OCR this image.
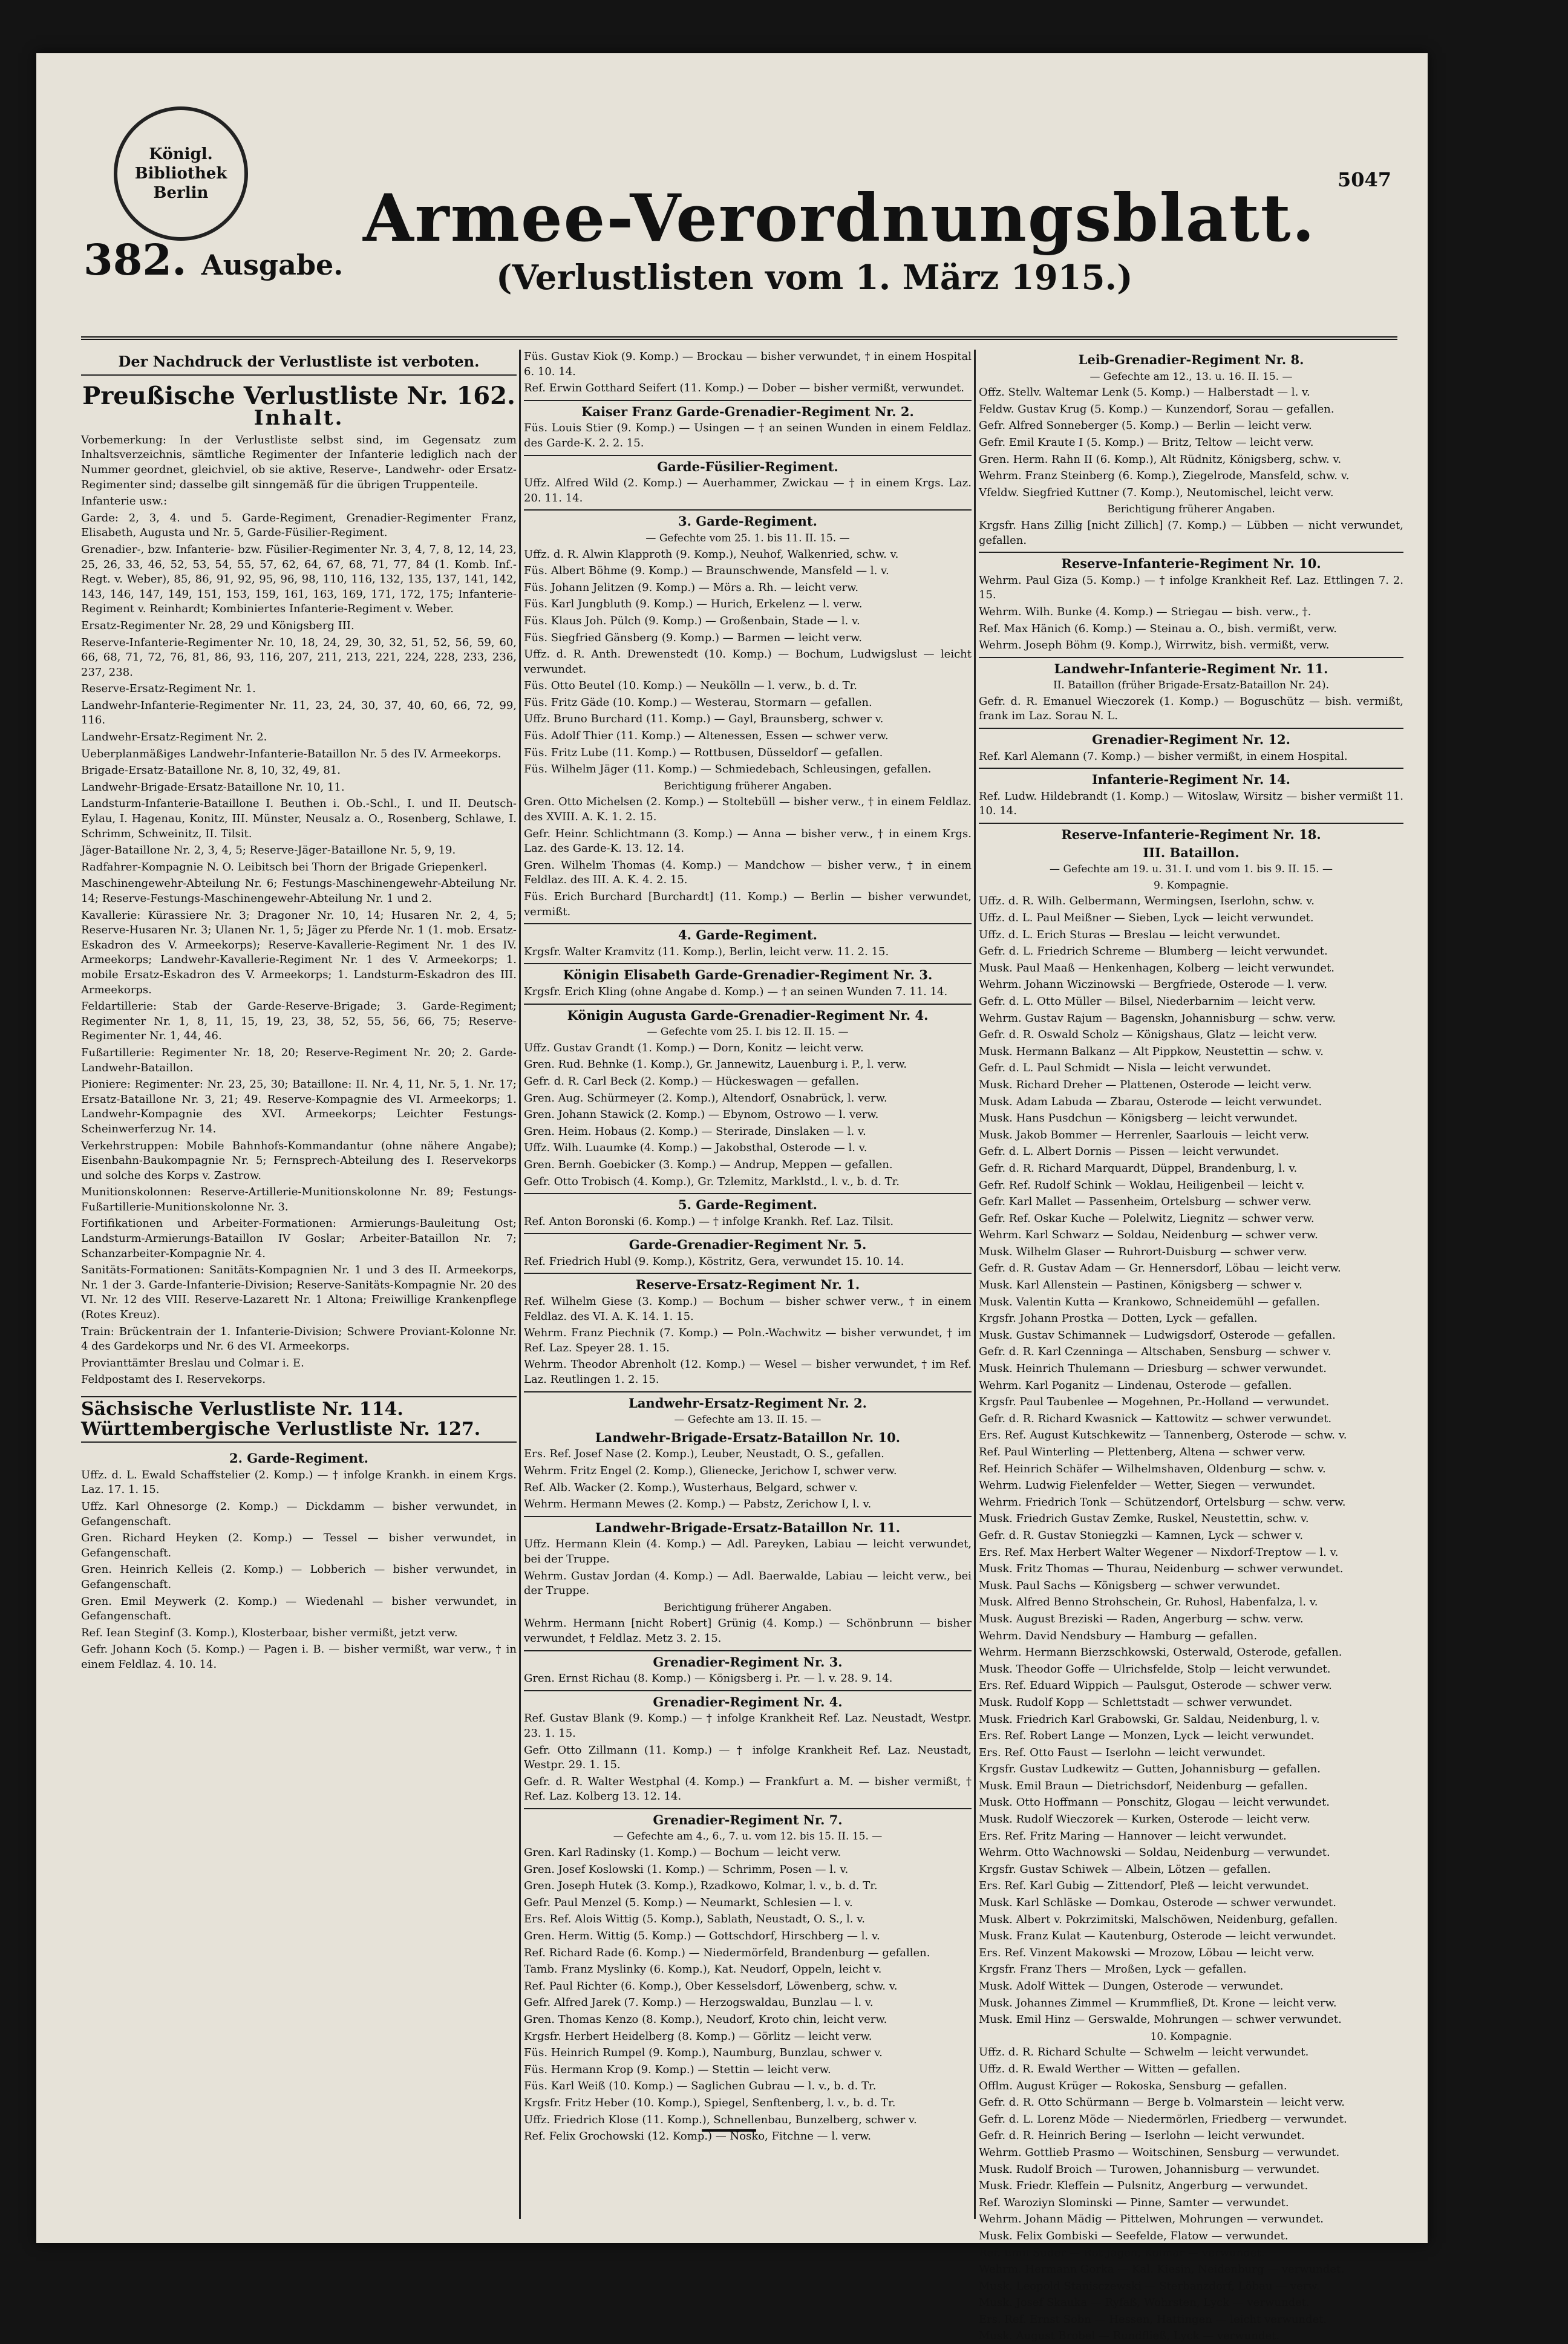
Königl.
Bibliothek
Berlin
5047
382. Ausgabe.
Armee-Verordnungsblatt.
(Verlustlisten vom 1. März 1915.)
Der Nachdruck der Verlustliste ist verboten.
Preußische Verlustliste Nr. 162.
Inhalt.

Vorbemerkung: In der Verlustliste selbst sind, im Gegensatz zum Inhaltsverzeichnis, sämtliche Regimenter der Infanterie lediglich nach der Nummer geordnet, gleichviel, ob sie aktive, Reserve-, Landwehr- oder Ersatz-Regimenter sind; dasselbe gilt sinngemäß für die übrigen Truppenteile.

Infanterie usw.:

Garde: 2, 3, 4. und 5. Garde-Regiment, Grenadier-Regimenter Franz, Elisabeth, Augusta und Nr. 5, Garde-Füsilier-Regiment.

Grenadier-, bzw. Infanterie- bzw. Füsilier-Regimenter Nr. 3, 4, 7, 8, 12, 14, 23, 25, 26, 33, 46, 52, 53, 54, 55, 57, 62, 64, 67, 68, 71, 77, 84 (1. Komb. Inf.-Regt. v. Weber), 85, 86, 91, 92, 95, 96, 98, 110, 116, 132, 135, 137, 141, 142, 143, 146, 147, 149, 151, 153, 159, 161, 163, 169, 171, 172, 175; Infanterie-Regiment v. Reinhardt; Kombiniertes Infanterie-Regiment v. Weber.

Ersatz-Regimenter Nr. 28, 29 und Königsberg III.

Reserve-Infanterie-Regimenter Nr. 10, 18, 24, 29, 30, 32, 51, 52, 56, 59, 60, 66, 68, 71, 72, 76, 81, 86, 93, 116, 207, 211, 213, 221, 224, 228, 233, 236, 237, 238.

Reserve-Ersatz-Regiment Nr. 1.

Landwehr-Infanterie-Regimenter Nr. 11, 23, 24, 30, 37, 40, 60, 66, 72, 99, 116.

Landwehr-Ersatz-Regiment Nr. 2.

Ueberplanmäßiges Landwehr-Infanterie-Bataillon Nr. 5 des IV. Armeekorps.

Brigade-Ersatz-Bataillone Nr. 8, 10, 32, 49, 81.

Landwehr-Brigade-Ersatz-Bataillone Nr. 10, 11.

Landsturm-Infanterie-Bataillone I. Beuthen i. Ob.-Schl., I. und II. Deutsch-Eylau, I. Hagenau, Konitz, III. Münster, Neusalz a. O., Rosenberg, Schlawe, I. Schrimm, Schweinitz, II. Tilsit.

Jäger-Bataillone Nr. 2, 3, 4, 5; Reserve-Jäger-Bataillone Nr. 5, 9, 19.

Radfahrer-Kompagnie N. O. Leibitsch bei Thorn der Brigade Griepenkerl.

Maschinengewehr-Abteilung Nr. 6; Festungs-Maschinengewehr-Abteilung Nr. 14; Reserve-Festungs-Maschinengewehr-Abteilung Nr. 1 und 2.

Kavallerie: Kürassiere Nr. 3; Dragoner Nr. 10, 14; Husaren Nr. 2, 4, 5; Reserve-Husaren Nr. 3; Ulanen Nr. 1, 5; Jäger zu Pferde Nr. 1 (1. mob. Ersatz-Eskadron des V. Armeekorps); Reserve-Kavallerie-Regiment Nr. 1 des IV. Armeekorps; Landwehr-Kavallerie-Regiment Nr. 1 des V. Armeekorps; 1. mobile Ersatz-Eskadron des V. Armeekorps; 1. Landsturm-Eskadron des III. Armeekorps.

Feldartillerie: Stab der Garde-Reserve-Brigade; 3. Garde-Regiment; Regimenter Nr. 1, 8, 11, 15, 19, 23, 38, 52, 55, 56, 66, 75; Reserve-Regimenter Nr. 1, 44, 46.

Fußartillerie: Regimenter Nr. 18, 20; Reserve-Regiment Nr. 20; 2. Garde-Landwehr-Bataillon.

Pioniere: Regimenter: Nr. 23, 25, 30; Bataillone: II. Nr. 4, 11, Nr. 5, 1. Nr. 17; Ersatz-Bataillone Nr. 3, 21; 49. Reserve-Kompagnie des VI. Armeekorps; 1. Landwehr-Kompagnie des XVI. Armeekorps; Leichter Festungs-Scheinwerferzug Nr. 14.

Verkehrstruppen: Mobile Bahnhofs-Kommandantur (ohne nähere Angabe); Eisenbahn-Baukompagnie Nr. 5; Fernsprech-Abteilung des I. Reservekorps und solche des Korps v. Zastrow.

Munitionskolonnen: Reserve-Artillerie-Munitionskolonne Nr. 89; Festungs-Fußartillerie-Munitionskolonne Nr. 3.

Fortifikationen und Arbeiter-Formationen: Armierungs-Bauleitung Ost; Landsturm-Armierungs-Bataillon IV Goslar; Arbeiter-Bataillon Nr. 7; Schanzarbeiter-Kompagnie Nr. 4.

Sanitäts-Formationen: Sanitäts-Kompagnien Nr. 1 und 3 des II. Armeekorps, Nr. 1 der 3. Garde-Infanterie-Division; Reserve-Sanitäts-Kompagnie Nr. 20 des VI. Nr. 12 des VIII. Reserve-Lazarett Nr. 1 Altona; Freiwillige Krankenpflege (Rotes Kreuz).

Train: Brückentrain der 1. Infanterie-Division; Schwere Proviant-Kolonne Nr. 4 des Gardekorps und Nr. 6 des VI. Armeekorps.

Provianttämter Breslau und Colmar i. E.

Feldpostamt des I. Reservekorps.

Sächsische Verlustliste Nr. 114.
Württembergische Verlustliste Nr. 127.
2. Garde-Regiment.

Uffz. d. L. Ewald Schaffstelier (2. Komp.) — † infolge Krankh. in einem Krgs. Laz. 17. 1. 15.

Uffz. Karl Ohnesorge (2. Komp.) — Dickdamm — bisher verwundet, in Gefangenschaft.

Gren. Richard Heyken (2. Komp.) — Tessel — bisher verwundet, in Gefangenschaft.

Gren. Heinrich Kelleis (2. Komp.) — Lobberich — bisher verwundet, in Gefangenschaft.

Gren. Emil Meywerk (2. Komp.) — Wiedenahl — bisher verwundet, in Gefangenschaft.

Ref. Iean Steginf (3. Komp.), Klosterbaar, bisher vermißt, jetzt verw.

Gefr. Johann Koch (5. Komp.) — Pagen i. B. — bisher vermißt, war verw., † in einem Feldlaz. 4. 10. 14.

Füs. Gustav Kiok (9. Komp.) — Brockau — bisher verwundet, † in einem Hospital 6. 10. 14.

Ref. Erwin Gotthard Seifert (11. Komp.) — Dober — bisher vermißt, verwundet.

Kaiser Franz Garde-Grenadier-Regiment Nr. 2.

Füs. Louis Stier (9. Komp.) — Usingen — † an seinen Wunden in einem Feldlaz. des Garde-K. 2. 2. 15.

Garde-Füsilier-Regiment.

Uffz. Alfred Wild (2. Komp.) — Auerhammer, Zwickau — † in einem Krgs. Laz. 20. 11. 14.

3. Garde-Regiment.
— Gefechte vom 25. 1. bis 11. II. 15. —

Uffz. d. R. Alwin Klapproth (9. Komp.), Neuhof, Walkenried, schw. v.

Füs. Albert Böhme (9. Komp.) — Braunschwende, Mansfeld — l. v.

Füs. Johann Jelitzen (9. Komp.) — Mörs a. Rh. — leicht verw.

Füs. Karl Jungbluth (9. Komp.) — Hurich, Erkelenz — l. verw.

Füs. Klaus Joh. Pülch (9. Komp.) — Großenbain, Stade — l. v.

Füs. Siegfried Gänsberg (9. Komp.) — Barmen — leicht verw.

Uffz. d. R. Anth. Drewenstedt (10. Komp.) — Bochum, Ludwigslust — leicht verwundet.

Füs. Otto Beutel (10. Komp.) — Neukölln — l. verw., b. d. Tr.

Füs. Fritz Gäde (10. Komp.) — Westerau, Stormarn — gefallen.

Uffz. Bruno Burchard (11. Komp.) — Gayl, Braunsberg, schwer v.

Füs. Adolf Thier (11. Komp.) — Altenessen, Essen — schwer verw.

Füs. Fritz Lube (11. Komp.) — Rottbusen, Düsseldorf — gefallen.

Füs. Wilhelm Jäger (11. Komp.) — Schmiedebach, Schleusingen, gefallen.

Berichtigung früherer Angaben.

Gren. Otto Michelsen (2. Komp.) — Stoltebüll — bisher verw., † in einem Feldlaz. des XVIII. A. K. 1. 2. 15.

Gefr. Heinr. Schlichtmann (3. Komp.) — Anna — bisher verw., † in einem Krgs. Laz. des Garde-K. 13. 12. 14.

Gren. Wilhelm Thomas (4. Komp.) — Mandchow — bisher verw., † in einem Feldlaz. des III. A. K. 4. 2. 15.

Füs. Erich Burchard [Burchardt] (11. Komp.) — Berlin — bisher verwundet, vermißt.

4. Garde-Regiment.

Krgsfr. Walter Kramvitz (11. Komp.), Berlin, leicht verw. 11. 2. 15.

Königin Elisabeth Garde-Grenadier-Regiment Nr. 3.

Krgsfr. Erich Kling (ohne Angabe d. Komp.) — † an seinen Wunden 7. 11. 14.

Königin Augusta Garde-Grenadier-Regiment Nr. 4.
— Gefechte vom 25. I. bis 12. II. 15. —

Uffz. Gustav Grandt (1. Komp.) — Dorn, Konitz — leicht verw.

Gren. Rud. Behnke (1. Komp.), Gr. Jannewitz, Lauenburg i. P., l. verw.

Gefr. d. R. Carl Beck (2. Komp.) — Hückeswagen — gefallen.

Gren. Aug. Schürmeyer (2. Komp.), Altendorf, Osnabrück, l. verw.

Gren. Johann Stawick (2. Komp.) — Ebynom, Ostrowo — l. verw.

Gren. Heim. Hobaus (2. Komp.) — Sterirade, Dinslaken — l. v.

Uffz. Wilh. Luaumke (4. Komp.) — Jakobsthal, Osterode — l. v.

Gren. Bernh. Goebicker (3. Komp.) — Andrup, Meppen — gefallen.

Gefr. Otto Trobisch (4. Komp.), Gr. Tzlemitz, Marklstd., l. v., b. d. Tr.

5. Garde-Regiment.

Ref. Anton Boronski (6. Komp.) — † infolge Krankh. Ref. Laz. Tilsit.

Garde-Grenadier-Regiment Nr. 5.

Ref. Friedrich Hubl (9. Komp.), Köstritz, Gera, verwundet 15. 10. 14.

Reserve-Ersatz-Regiment Nr. 1.

Ref. Wilhelm Giese (3. Komp.) — Bochum — bisher schwer verw., † in einem Feldlaz. des VI. A. K. 14. 1. 15.

Wehrm. Franz Piechnik (7. Komp.) — Poln.-Wachwitz — bisher verwundet, † im Ref. Laz. Speyer 28. 1. 15.

Wehrm. Theodor Abrenholt (12. Komp.) — Wesel — bisher verwundet, † im Ref. Laz. Reutlingen 1. 2. 15.

Landwehr-Ersatz-Regiment Nr. 2.
— Gefechte am 13. II. 15. —
Landwehr-Brigade-Ersatz-Bataillon Nr. 10.

Ers. Ref. Josef Nase (2. Komp.), Leuber, Neustadt, O. S., gefallen.

Wehrm. Fritz Engel (2. Komp.), Glienecke, Jerichow I, schwer verw.

Ref. Alb. Wacker (2. Komp.), Wusterhaus, Belgard, schwer v.

Wehrm. Hermann Mewes (2. Komp.) — Pabstz, Zerichow I, l. v.

Landwehr-Brigade-Ersatz-Bataillon Nr. 11.

Uffz. Hermann Klein (4. Komp.) — Adl. Pareyken, Labiau — leicht verwundet, bei der Truppe.

Wehrm. Gustav Jordan (4. Komp.) — Adl. Baerwalde, Labiau — leicht verw., bei der Truppe.

Berichtigung früherer Angaben.

Wehrm. Hermann [nicht Robert] Grünig (4. Komp.) — Schönbrunn — bisher verwundet, † Feldlaz. Metz 3. 2. 15.

Grenadier-Regiment Nr. 3.

Gren. Ernst Richau (8. Komp.) — Königsberg i. Pr. — l. v. 28. 9. 14.

Grenadier-Regiment Nr. 4.

Ref. Gustav Blank (9. Komp.) — † infolge Krankheit Ref. Laz. Neustadt, Westpr. 23. 1. 15.

Gefr. Otto Zillmann (11. Komp.) — † infolge Krankheit Ref. Laz. Neustadt, Westpr. 29. 1. 15.

Gefr. d. R. Walter Westphal (4. Komp.) — Frankfurt a. M. — bisher vermißt, † Ref. Laz. Kolberg 13. 12. 14.

Grenadier-Regiment Nr. 7.
— Gefechte am 4., 6., 7. u. vom 12. bis 15. II. 15. —

Gren. Karl Radinsky (1. Komp.) — Bochum — leicht verw.

Gren. Josef Koslowski (1. Komp.) — Schrimm, Posen — l. v.

Gren. Joseph Hutek (3. Komp.), Rzadkowo, Kolmar, l. v., b. d. Tr.

Gefr. Paul Menzel (5. Komp.) — Neumarkt, Schlesien — l. v.

Ers. Ref. Alois Wittig (5. Komp.), Sablath, Neustadt, O. S., l. v.

Gren. Herm. Wittig (5. Komp.) — Gottschdorf, Hirschberg — l. v.

Ref. Richard Rade (6. Komp.) — Niedermörfeld, Brandenburg — gefallen.

Tamb. Franz Myslinky (6. Komp.), Kat. Neudorf, Oppeln, leicht v.

Ref. Paul Richter (6. Komp.), Ober Kesselsdorf, Löwenberg, schw. v.

Gefr. Alfred Jarek (7. Komp.) — Herzogswaldau, Bunzlau — l. v.

Gren. Thomas Kenzo (8. Komp.), Neudorf, Kroto chin, leicht verw.

Krgsfr. Herbert Heidelberg (8. Komp.) — Görlitz — leicht verw.

Füs. Heinrich Rumpel (9. Komp.), Naumburg, Bunzlau, schwer v.

Füs. Hermann Krop (9. Komp.) — Stettin — leicht verw.

Füs. Karl Weiß (10. Komp.) — Saglichen Gubrau — l. v., b. d. Tr.

Krgsfr. Fritz Heber (10. Komp.), Spiegel, Senftenberg, l. v., b. d. Tr.

Uffz. Friedrich Klose (11. Komp.), Schnellenbau, Bunzelberg, schwer v.

Ref. Felix Grochowski (12. Komp.) — Nosko, Fitchne — l. verw.

Leib-Grenadier-Regiment Nr. 8.
— Gefechte am 12., 13. u. 16. II. 15. —

Offz. Stellv. Waltemar Lenk (5. Komp.) — Halberstadt — l. v.

Feldw. Gustav Krug (5. Komp.) — Kunzendorf, Sorau — gefallen.

Gefr. Alfred Sonneberger (5. Komp.) — Berlin — leicht verw.

Gefr. Emil Kraute I (5. Komp.) — Britz, Teltow — leicht verw.

Gren. Herm. Rahn II (6. Komp.), Alt Rüdnitz, Königsberg, schw. v.

Wehrm. Franz Steinberg (6. Komp.), Ziegelrode, Mansfeld, schw. v.

Vfeldw. Siegfried Kuttner (7. Komp.), Neutomischel, leicht verw.

Berichtigung früherer Angaben.

Krgsfr. Hans Zillig [nicht Zillich] (7. Komp.) — Lübben — nicht verwundet, gefallen.

Reserve-Infanterie-Regiment Nr. 10.

Wehrm. Paul Giza (5. Komp.) — † infolge Krankheit Ref. Laz. Ettlingen 7. 2. 15.

Wehrm. Wilh. Bunke (4. Komp.) — Striegau — bish. verw., †.

Ref. Max Hänich (6. Komp.) — Steinau a. O., bish. vermißt, verw.

Wehrm. Joseph Böhm (9. Komp.), Wirrwitz, bish. vermißt, verw.

Landwehr-Infanterie-Regiment Nr. 11.
II. Bataillon (früher Brigade-Ersatz-Bataillon Nr. 24).

Gefr. d. R. Emanuel Wieczorek (1. Komp.) — Boguschütz — bish. vermißt, frank im Laz. Sorau N. L.

Grenadier-Regiment Nr. 12.

Ref. Karl Alemann (7. Komp.) — bisher vermißt, in einem Hospital.

Infanterie-Regiment Nr. 14.

Ref. Ludw. Hildebrandt (1. Komp.) — Witoslaw, Wirsitz — bisher vermißt 11. 10. 14.

Reserve-Infanterie-Regiment Nr. 18.
III. Bataillon.
— Gefechte am 19. u. 31. I. und vom 1. bis 9. II. 15. —
9. Kompagnie.

Uffz. d. R. Wilh. Gelbermann, Wermingsen, Iserlohn, schw. v.

Uffz. d. L. Paul Meißner — Sieben, Lyck — leicht verwundet.

Uffz. d. L. Erich Sturas — Breslau — leicht verwundet.

Gefr. d. L. Friedrich Schreme — Blumberg — leicht verwundet.

Musk. Paul Maaß — Henkenhagen, Kolberg — leicht verwundet.

Wehrm. Johann Wiczinowski — Bergfriede, Osterode — l. verw.

Gefr. d. L. Otto Müller — Bilsel, Niederbarnim — leicht verw.

Wehrm. Gustav Rajum — Bagenskn, Johannisburg — schw. verw.

Gefr. d. R. Oswald Scholz — Königshaus, Glatz — leicht verw.

Musk. Hermann Balkanz — Alt Pippkow, Neustettin — schw. v.

Gefr. d. L. Paul Schmidt — Nisla — leicht verwundet.

Musk. Richard Dreher — Plattenen, Osterode — leicht verw.

Musk. Adam Labuda — Zbarau, Osterode — leicht verwundet.

Musk. Hans Pusdchun — Königsberg — leicht verwundet.

Musk. Jakob Bommer — Herrenler, Saarlouis — leicht verw.

Gefr. d. L. Albert Dornis — Pissen — leicht verwundet.

Gefr. d. R. Richard Marquardt, Düppel, Brandenburg, l. v.

Gefr. Ref. Rudolf Schink — Woklau, Heiligenbeil — leicht v.

Gefr. Karl Mallet — Passenheim, Ortelsburg — schwer verw.

Gefr. Ref. Oskar Kuche — Polelwitz, Liegnitz — schwer verw.

Wehrm. Karl Schwarz — Soldau, Neidenburg — schwer verw.

Musk. Wilhelm Glaser — Ruhrort-Duisburg — schwer verw.

Gefr. d. R. Gustav Adam — Gr. Hennersdorf, Löbau — leicht verw.

Musk. Karl Allenstein — Pastinen, Königsberg — schwer v.

Musk. Valentin Kutta — Krankowo, Schneidemühl — gefallen.

Krgsfr. Johann Prostka — Dotten, Lyck — gefallen.

Musk. Gustav Schimannek — Ludwigsdorf, Osterode — gefallen.

Gefr. d. R. Karl Czenninga — Altschaben, Sensburg — schwer v.

Musk. Heinrich Thulemann — Driesburg — schwer verwundet.

Wehrm. Karl Poganitz — Lindenau, Osterode — gefallen.

Krgsfr. Paul Taubenlee — Mogehnen, Pr.-Holland — verwundet.

Gefr. d. R. Richard Kwasnick — Kattowitz — schwer verwundet.

Ers. Ref. August Kutschkewitz — Tannenberg, Osterode — schw. v.

Ref. Paul Winterling — Plettenberg, Altena — schwer verw.

Ref. Heinrich Schäfer — Wilhelmshaven, Oldenburg — schw. v.

Wehrm. Ludwig Fielenfelder — Wetter, Siegen — verwundet.

Wehrm. Friedrich Tonk — Schützendorf, Ortelsburg — schw. verw.

Musk. Friedrich Gustav Zemke, Ruskel, Neustettin, schw. v.

Gefr. d. R. Gustav Stoniegzki — Kamnen, Lyck — schwer v.

Ers. Ref. Max Herbert Walter Wegener — Nixdorf-Treptow — l. v.

Musk. Fritz Thomas — Thurau, Neidenburg — schwer verwundet.

Musk. Paul Sachs — Königsberg — schwer verwundet.

Musk. Alfred Benno Strohschein, Gr. Ruhosl, Habenfalza, l. v.

Musk. August Breziski — Raden, Angerburg — schw. verw.

Wehrm. David Nendsbury — Hamburg — gefallen.

Wehrm. Hermann Bierzschkowski, Osterwald, Osterode, gefallen.

Musk. Theodor Goffe — Ulrichsfelde, Stolp — leicht verwundet.

Ers. Ref. Eduard Wippich — Paulsgut, Osterode — schwer verw.

Musk. Rudolf Kopp — Schlettstadt — schwer verwundet.

Musk. Friedrich Karl Grabowski, Gr. Saldau, Neidenburg, l. v.

Ers. Ref. Robert Lange — Monzen, Lyck — leicht verwundet.

Ers. Ref. Otto Faust — Iserlohn — leicht verwundet.

Krgsfr. Gustav Ludkewitz — Gutten, Johannisburg — gefallen.

Musk. Emil Braun — Dietrichsdorf, Neidenburg — gefallen.

Musk. Otto Hoffmann — Ponschitz, Glogau — leicht verwundet.

Musk. Rudolf Wieczorek — Kurken, Osterode — leicht verw.

Ers. Ref. Fritz Maring — Hannover — leicht verwundet.

Wehrm. Otto Wachnowski — Soldau, Neidenburg — verwundet.

Krgsfr. Gustav Schiwek — Albein, Lötzen — gefallen.

Ers. Ref. Karl Gubig — Zittendorf, Pleß — leicht verwundet.

Musk. Karl Schläske — Domkau, Osterode — schwer verwundet.

Musk. Albert v. Pokrzimitski, Malschöwen, Neidenburg, gefallen.

Musk. Franz Kulat — Kautenburg, Osterode — leicht verwundet.

Ers. Ref. Vinzent Makowski — Mrozow, Löbau — leicht verw.

Krgsfr. Franz Thers — Mroßen, Lyck — gefallen.

Musk. Adolf Wittek — Dungen, Osterode — verwundet.

Musk. Johannes Zimmel — Krummfließ, Dt. Krone — leicht verw.

Musk. Emil Hinz — Gerswalde, Mohrungen — schwer verwundet.

10. Kompagnie.

Uffz. d. R. Richard Schulte — Schwelm — leicht verwundet.

Uffz. d. R. Ewald Werther — Witten — gefallen.

Offlm. August Krüger — Rokoska, Sensburg — gefallen.

Gefr. d. R. Otto Schürmann — Berge b. Volmarstein — leicht verw.

Gefr. d. L. Lorenz Möde — Niedermörlen, Friedberg — verwundet.

Gefr. d. R. Heinrich Bering — Iserlohn — leicht verwundet.

Wehrm. Gottlieb Prasmo — Woitschinen, Sensburg — verwundet.

Musk. Rudolf Broich — Turowen, Johannisburg — verwundet.

Musk. Friedr. Kleffein — Pulsnitz, Angerburg — verwundet.

Ref. Waroziyn Slominski — Pinne, Samter — verwundet.

Wehrm. Johann Mädig — Pittelwen, Mohrungen — verwundet.

Musk. Felix Gombiski — Seefelde, Flatow — verwundet.

Ref. Emil Suder — Rot Jägen, Kolmar — verwundet.

Wehrm. Hermann Gorka — Kal. Kiesin, Neidenburg — verwundet.

Musk. Leopold Stanisczewski — Sterbanzdorf, Löbau — verw.

Musk. Josef Skauka — Ryfaß, Wohrsten, Lyck — verwundet.

Ers. Ref. Ernst Sobn — Hessen, Hattingen — leicht verwundet.

Musk. August Brobel — Rundfließ, Lyck — verwundet.
